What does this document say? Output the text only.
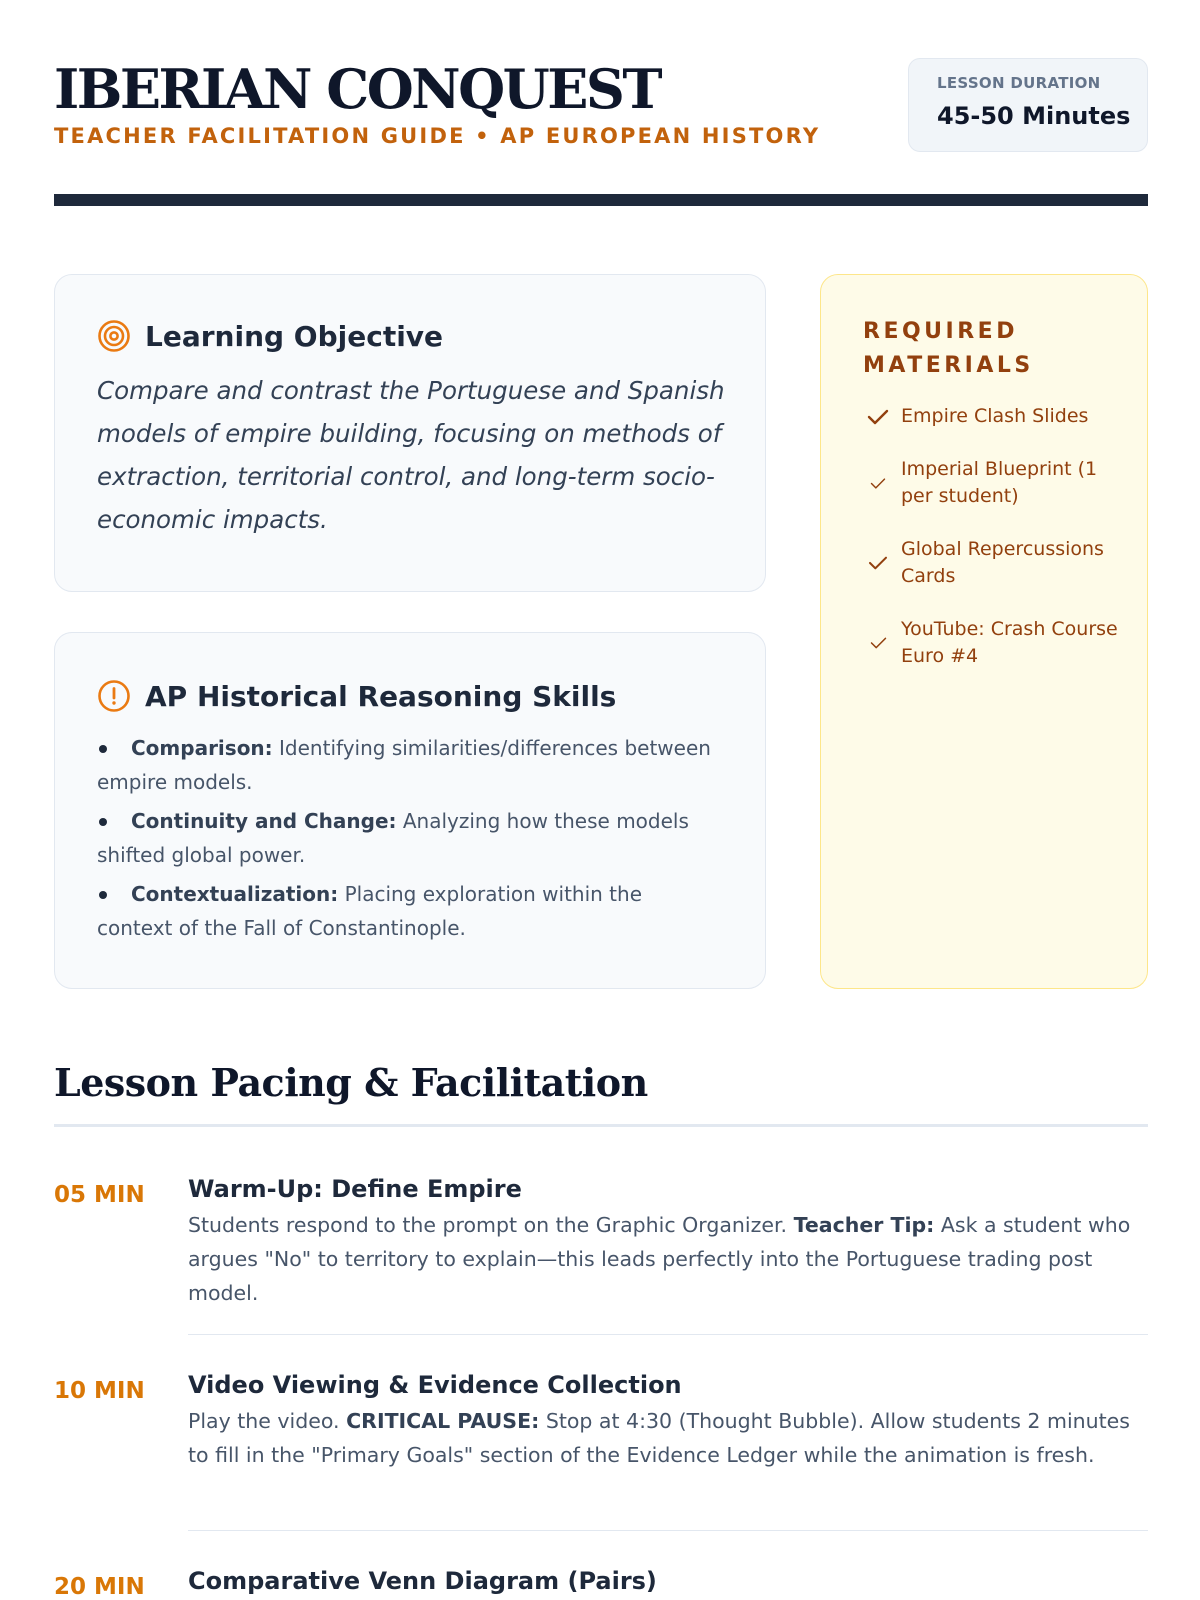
IBERIAN CONQUEST
TEACHER FACILITATION GUIDE • AP EUROPEAN HISTORY
LESSON DURATION
45-50 Minutes
Learning Objective
Compare and contrast the Portuguese and Spanish models of empire building, focusing on methods of extraction, territorial control, and long-term socio-economic impacts.
AP Historical Reasoning Skills
Comparison: Identifying similarities/differences between
empire models.
Continuity and Change: Analyzing how these models
shifted global power.
Contextualization: Placing exploration within the
context of the Fall of Constantinople.
REQUIRED MATERIALS
Empire Clash Slides
Imperial Blueprint (1 per student)
Global Repercussions Cards
YouTube: Crash Course Euro #4
Lesson Pacing & Facilitation
05 MIN Warm-Up: Define Empire
Students respond to the prompt on the Graphic Organizer. Teacher Tip: Ask a student who argues "No" to territory to explain—this leads perfectly into the Portuguese trading post model.
10 MIN Video Viewing & Evidence Collection
Play the video. CRITICAL PAUSE: Stop at 4:30 (Thought Bubble). Allow students 2 minutes to fill in the "Primary Goals" section of the Evidence Ledger while the animation is fresh.
20 MIN Comparative Venn Diagram (Pairs)
